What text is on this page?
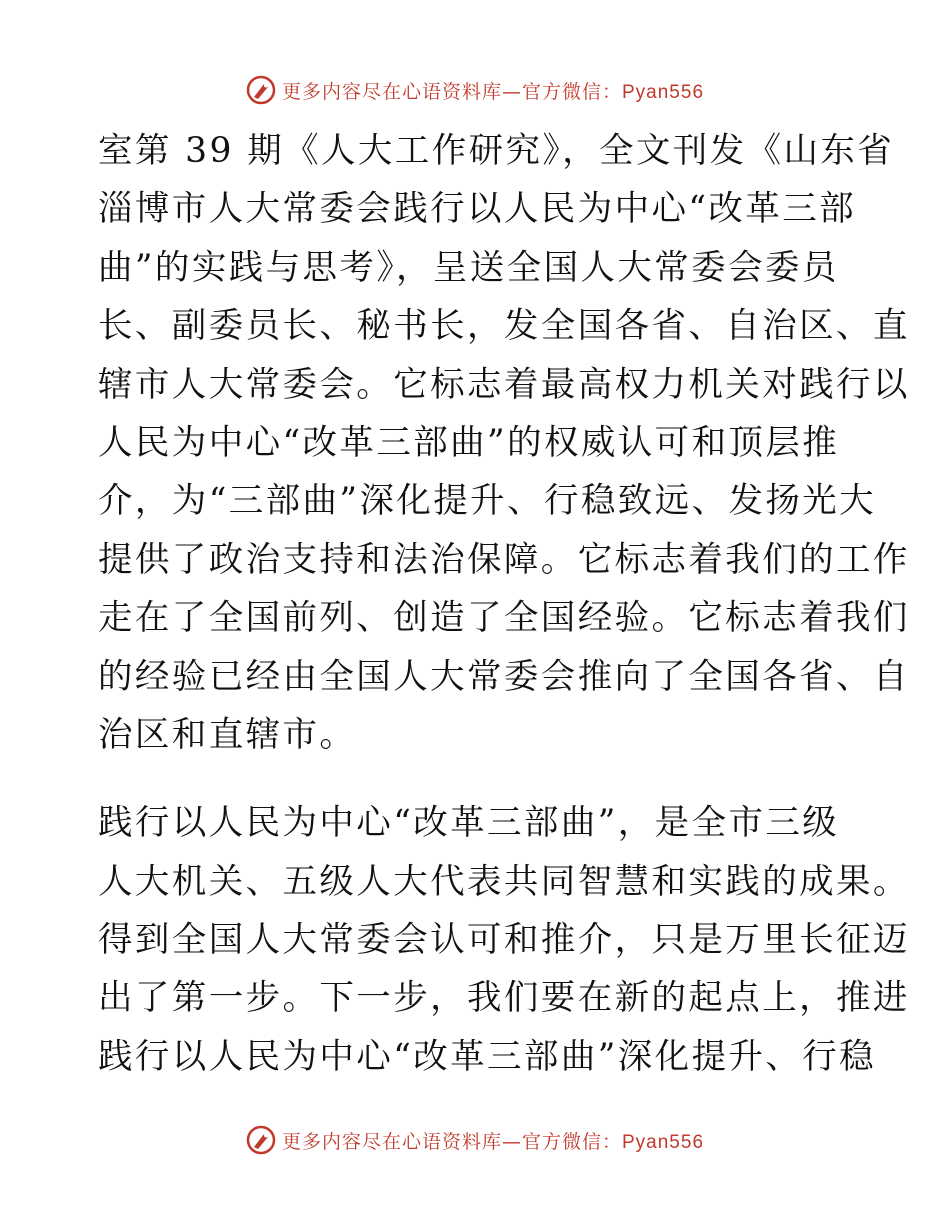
更多内容尽在心语资料库—官方微信：Pyan556
室第 39 期《人大工作研究》，全文刊发《山东省
淄博市人大常委会践行以人民为中心“改革三部
曲”的实践与思考》，呈送全国人大常委会委员
长、副委员长、秘书长，发全国各省、自治区、直
辖市人大常委会。它标志着最高权力机关对践行以
人民为中心“改革三部曲”的权威认可和顶层推
介，为“三部曲”深化提升、行稳致远、发扬光大
提供了政治支持和法治保障。它标志着我们的工作
走在了全国前列、创造了全国经验。它标志着我们
的经验已经由全国人大常委会推向了全国各省、自
治区和直辖市。
践行以人民为中心“改革三部曲”，是全市三级
人大机关、五级人大代表共同智慧和实践的成果。
得到全国人大常委会认可和推介，只是万里长征迈
出了第一步。下一步，我们要在新的起点上，推进
践行以人民为中心“改革三部曲”深化提升、行稳
更多内容尽在心语资料库—官方微信：Pyan556
